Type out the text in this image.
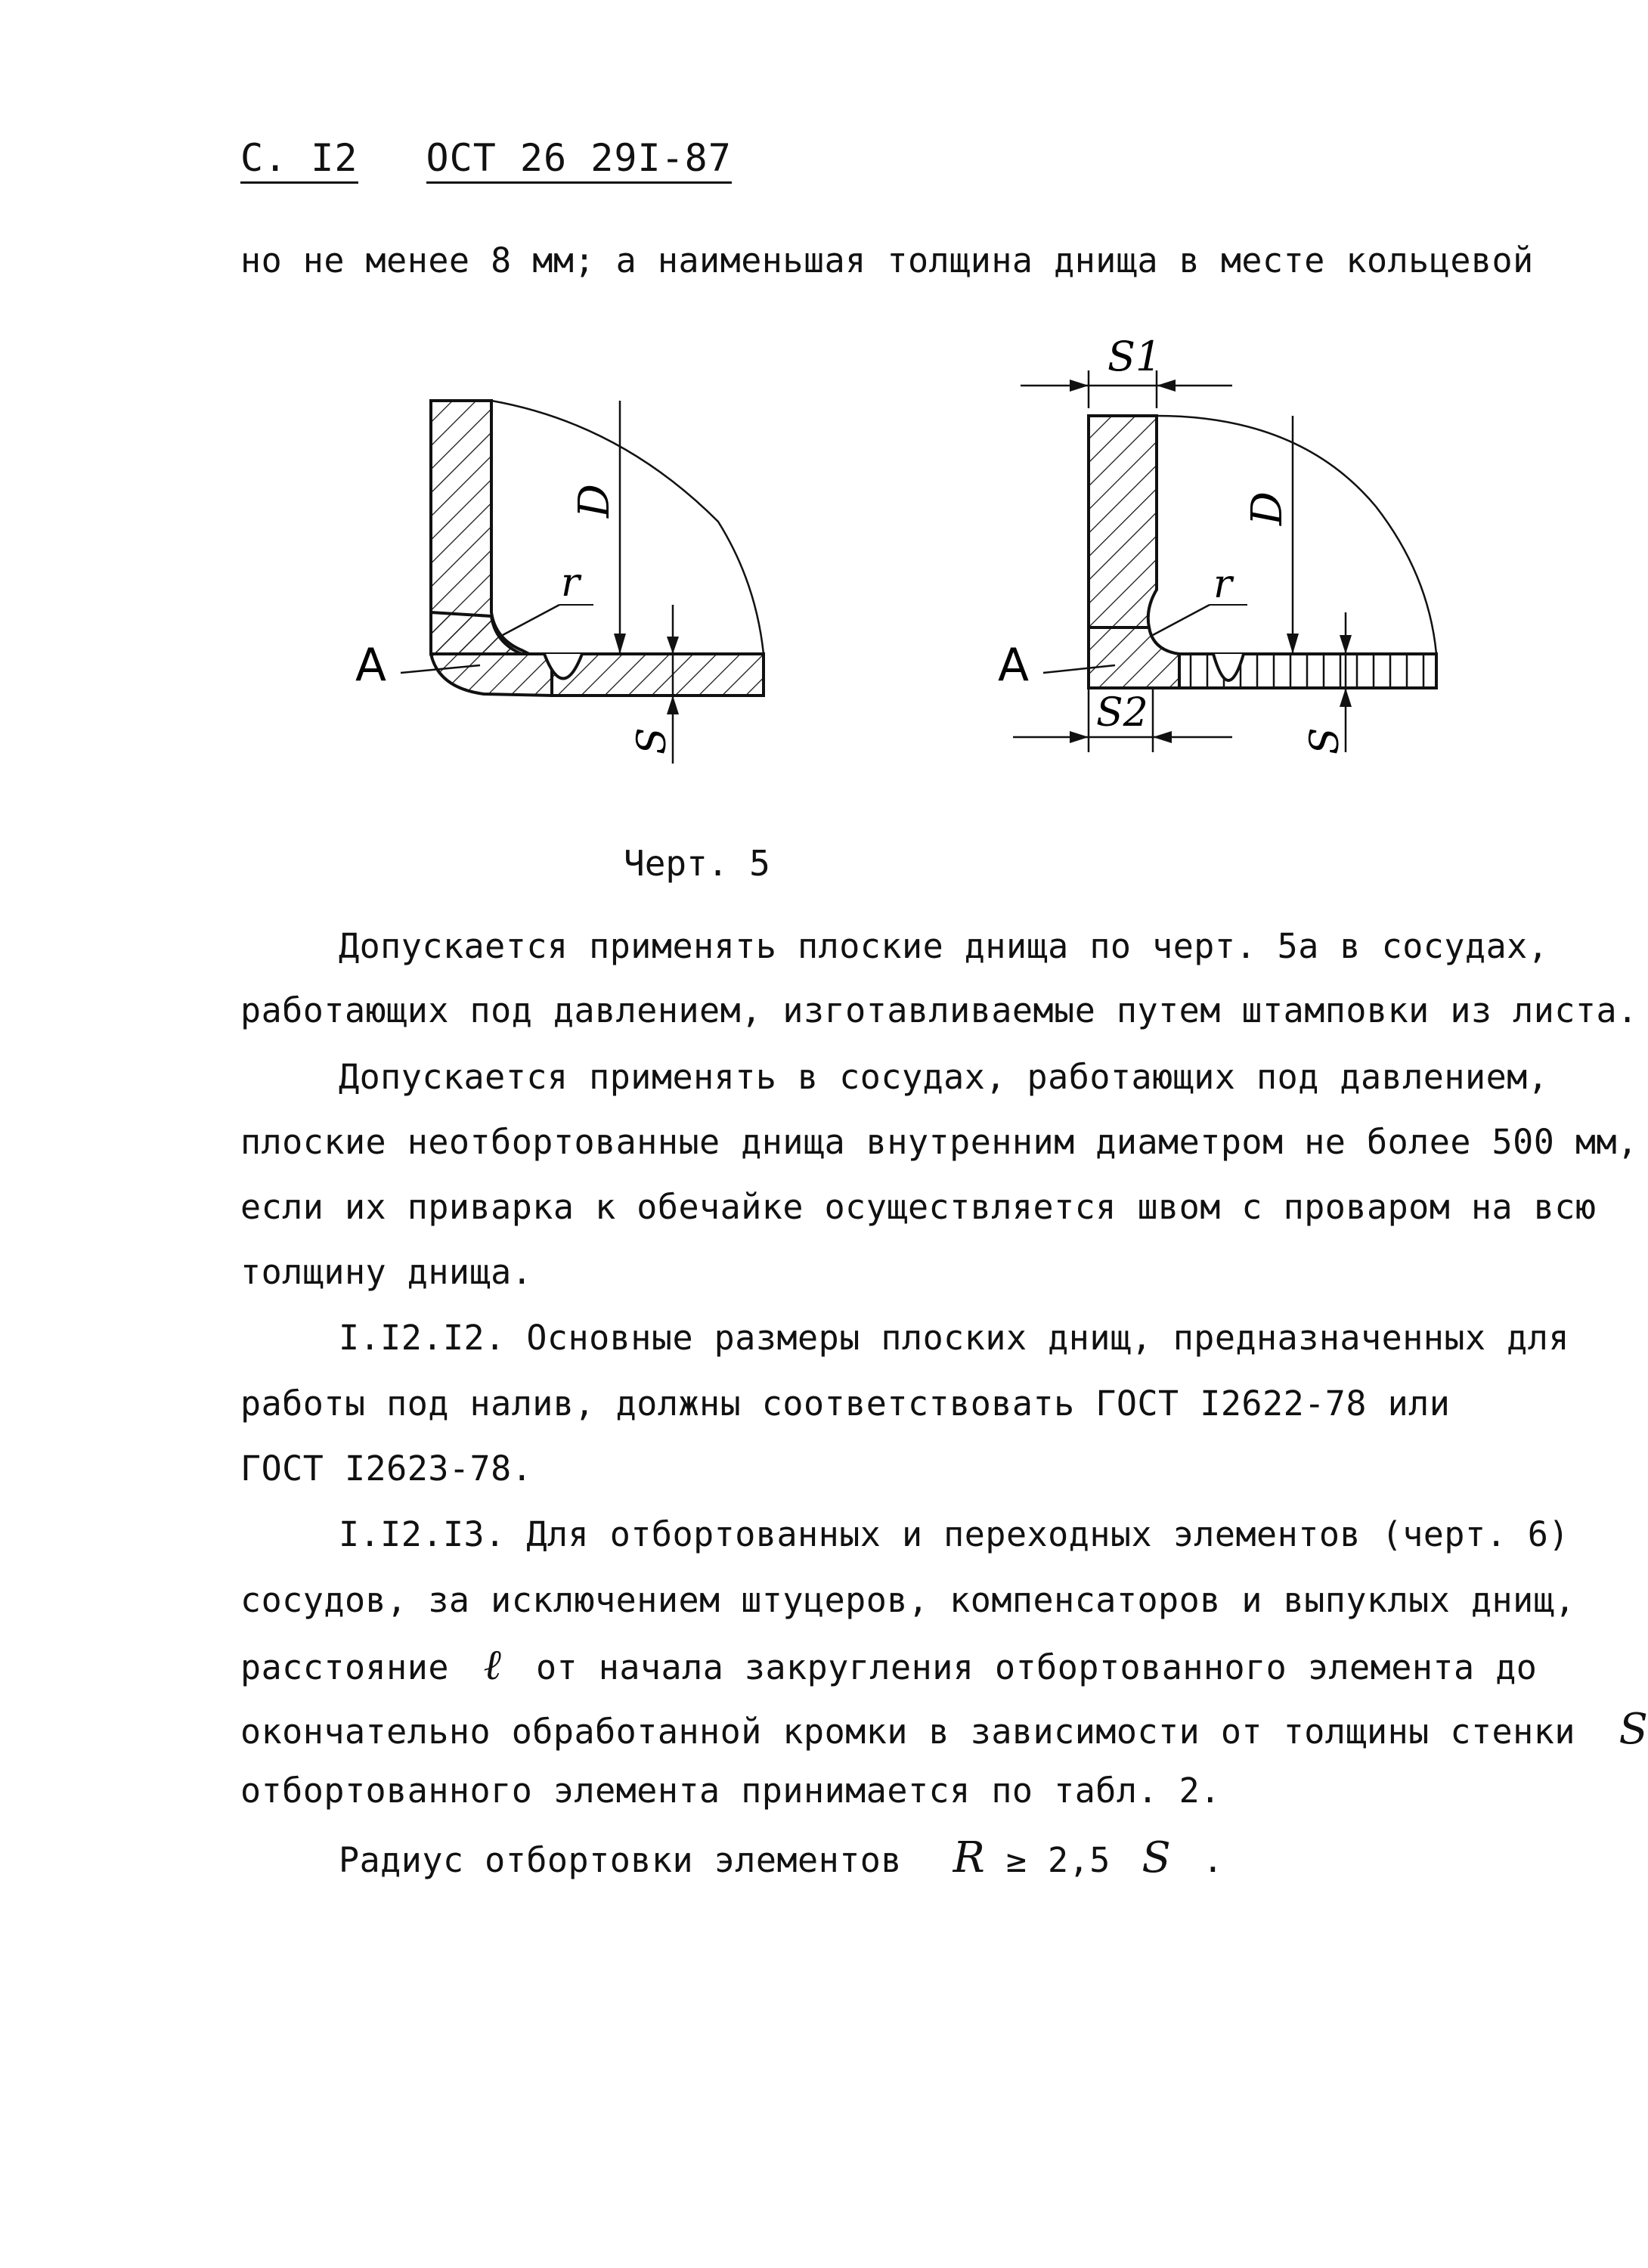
С. I2 ОСТ 26 29I-87
но не менее 8 мм; а наименьшая толщина днища в месте кольцевой
D
r
A
S
S1
D
r
A
S2
S
Черт. 5
Допускается применять плоские днища по черт. 5а в сосудах,
работающих под давлением, изготавливаемые путем штамповки из листа.
Допускается применять в сосудах, работающих под давлением,
плоские неотбортованные днища внутренним диаметром не более 500 мм,
если их приварка к обечайке осуществляется швом с проваром на всю
толщину днища.
I.I2.I2. Основные размеры плоских днищ, предназначенных для
работы под налив, должны соответствовать ГОСТ I2622-78 или
ГОСТ I2623-78.
I.I2.I3. Для отбортованных и переходных элементов (черт. 6)
сосудов, за исключением штуцеров, компенсаторов и выпуклых днищ,
расстояние ℓ от начала закругления отбортованного элемента до
окончательно обработанной кромки в зависимости от толщины стенки S
отбортованного элемента принимается по табл. 2.
Радиус отбортовки элементов R ≥ 2,5 S .
